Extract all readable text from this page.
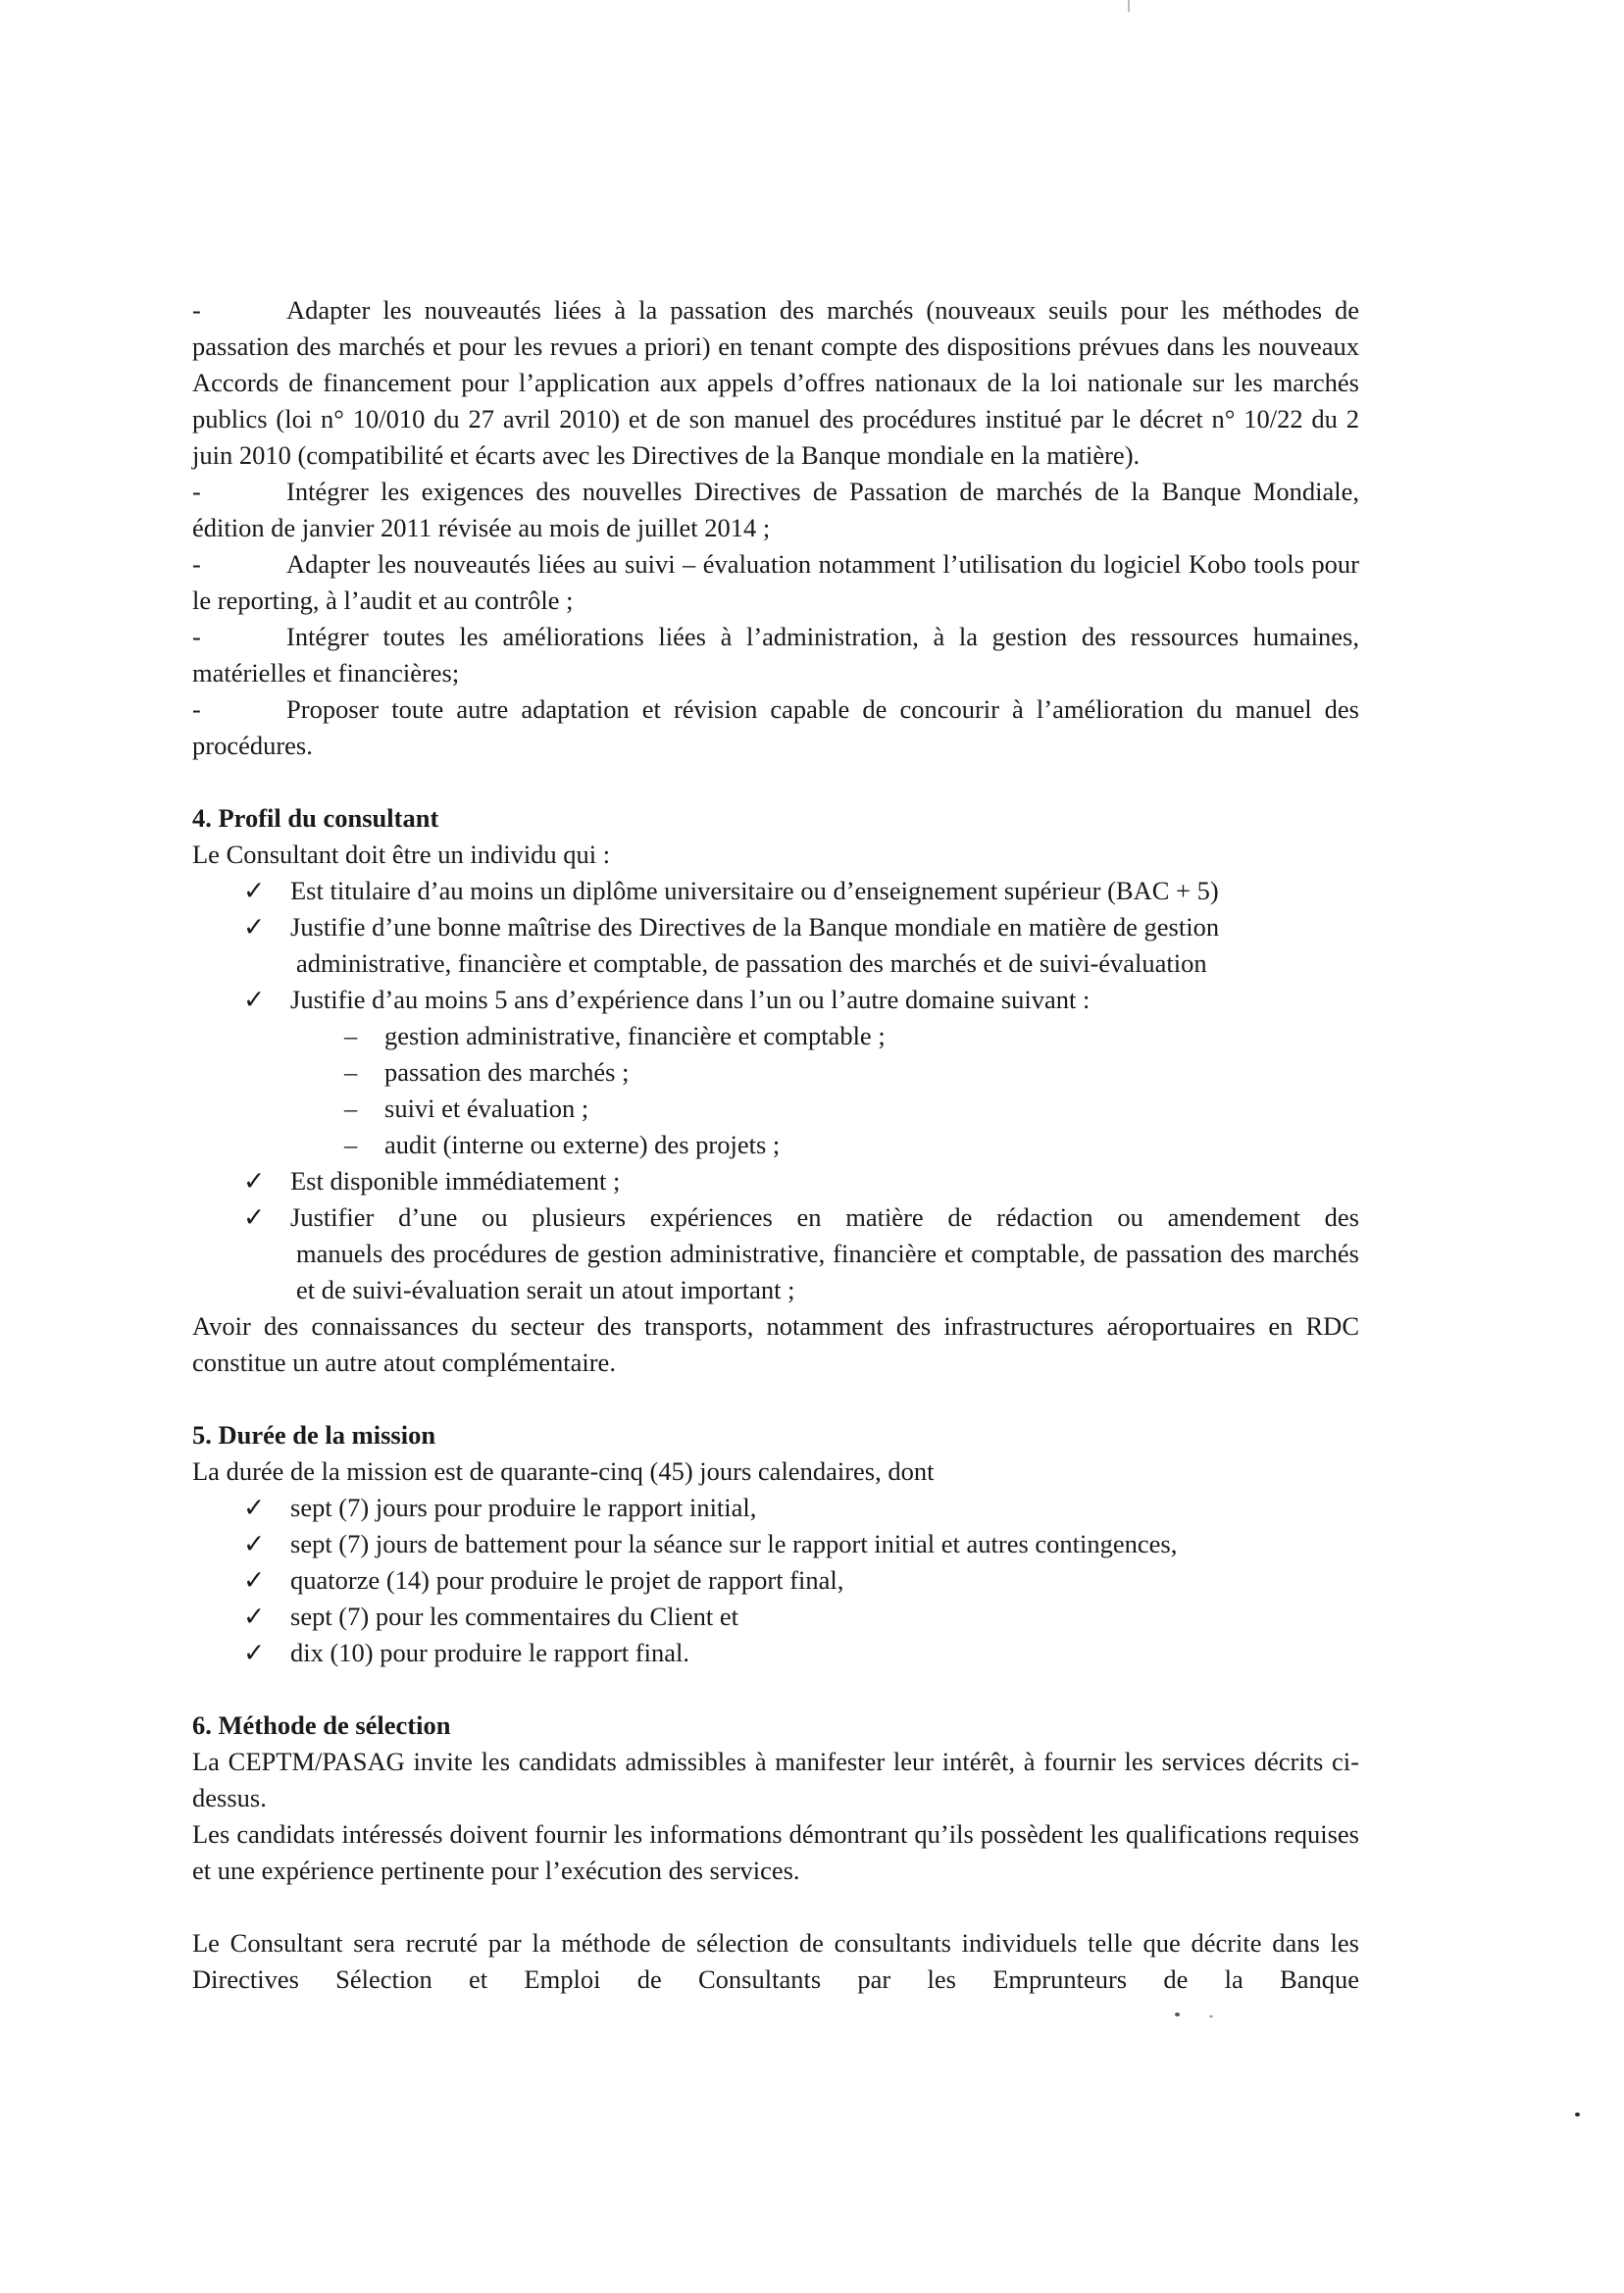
-	Adapter les nouveautés liées à la passation des marchés (nouveaux seuils pour les méthodes de passation des marchés et pour les revues a priori) en tenant compte des dispositions prévues dans les nouveaux Accords de financement pour l’application aux appels d’offres nationaux de la loi nationale sur les marchés publics (loi n° 10/010 du 27 avril 2010) et de son manuel des procédures institué par le décret n° 10/22 du 2 juin 2010 (compatibilité et écarts avec les Directives de la Banque mondiale en la matière).

-	Intégrer les exigences des nouvelles Directives de Passation de marchés de la Banque Mondiale, édition de janvier 2011 révisée au mois de juillet 2014 ;

-	Adapter les nouveautés liées au suivi – évaluation notamment l’utilisation du logiciel Kobo tools pour le reporting, à l’audit et au contrôle ;

-	Intégrer toutes les améliorations liées à l’administration, à la gestion des ressources humaines, matérielles et financières;

-	Proposer toute autre adaptation et révision capable de concourir à l’amélioration du manuel des procédures.

4. Profil du consultant

Le Consultant doit être un individu qui :

✓ Est titulaire d’au moins un diplôme universitaire ou d’enseignement supérieur (BAC + 5)
✓ Justifie d’une bonne maîtrise des Directives de la Banque mondiale en matière de gestion
administrative, financière et comptable, de passation des marchés et de suivi-évaluation
✓ Justifie d’au moins 5 ans d’expérience dans l’un ou l’autre domaine suivant :
– gestion administrative, financière et comptable ;
– passation des marchés ;
– suivi et évaluation ;
– audit (interne ou externe) des projets ;
✓ Est disponible immédiatement ;
✓ Justifier d’une ou plusieurs expériences en matière de rédaction ou amendement des
manuels des procédures de gestion administrative, financière et comptable, de passation des marchés et de suivi-évaluation serait un atout important ;

Avoir des connaissances du secteur des transports, notamment des infrastructures aéroportuaires en RDC constitue un autre atout complémentaire.

5. Durée de la mission

La durée de la mission est de quarante-cinq (45) jours calendaires, dont

✓ sept (7) jours pour produire le rapport initial,
✓ sept (7) jours de battement pour la séance sur le rapport initial et autres contingences,
✓ quatorze (14) pour produire le projet de rapport final,
✓ sept (7) pour les commentaires du Client et
✓ dix (10) pour produire le rapport final.

6. Méthode de sélection

La CEPTM/PASAG invite les candidats admissibles à manifester leur intérêt, à fournir les services décrits ci-dessus.

Les candidats intéressés doivent fournir les informations démontrant qu’ils possèdent les qualifications requises et une expérience pertinente pour l’exécution des services.

Le Consultant sera recruté par la méthode de sélection de consultants individuels telle que décrite dans les Directives Sélection et Emploi de Consultants par les Emprunteurs de la Banque
